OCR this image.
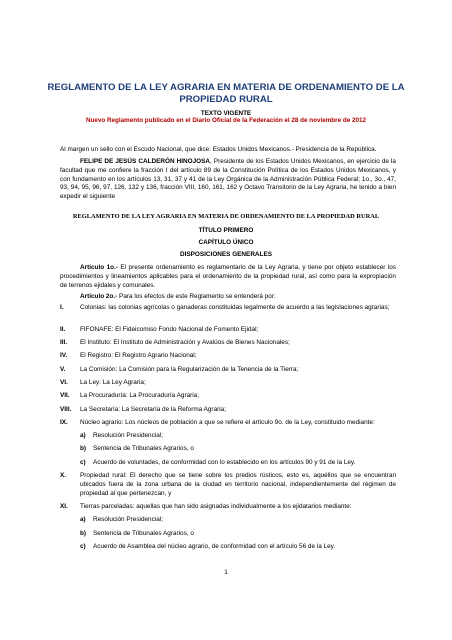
REGLAMENTO DE LA LEY AGRARIA EN MATERIA DE ORDENAMIENTO DE LA PROPIEDAD RURAL
TEXTO VIGENTE
Nuevo Reglamento publicado en el Diario Oficial de la Federación el 28 de noviembre de 2012
Al margen un sello con el Escudo Nacional, que dice: Estados Unidos Mexicanos.- Presidencia de la República.
FELIPE DE JESÚS CALDERÓN HINOJOSA, Presidente de los Estados Unidos Mexicanos, en ejercicio de la facultad que me confiere la fracción I del artículo 89 de la Constitución Política de los Estados Unidos Mexicanos, y con fundamento en los artículos 13, 31, 37 y 41 de la Ley Orgánica de la Administración Pública Federal; 1o., 3o., 47, 93, 94, 95, 96, 97, 126, 132 y 136, fracción VIII, 160, 161, 162 y Octavo Transitorio de la Ley Agraria, he tenido a bien expedir el siguiente
REGLAMENTO DE LA LEY AGRARIA EN MATERIA DE ORDENAMIENTO DE LA PROPIEDAD RURAL
TÍTULO PRIMERO
CAPÍTULO ÚNICO
DISPOSICIONES GENERALES
Artículo 1o.- El presente ordenamiento es reglamentario de la Ley Agraria, y tiene por objeto establecer los procedimientos y lineamientos aplicables para el ordenamiento de la propiedad rural, así como para la expropiación de terrenos ejidales y comunales.
Artículo 2o.- Para los efectos de este Reglamento se entenderá por:
I.	Colonias: las colonias agrícolas o ganaderas constituidas legalmente de acuerdo a las legislaciones agrarias;
II. FIFONAFE: El Fideicomiso Fondo Nacional de Fomento Ejidal;
III. El Instituto: El Instituto de Administración y Avalúos de Bienes Nacionales;
IV. El Registro: El Registro Agrario Nacional;
V. La Comisión: La Comisión para la Regularización de la Tenencia de la Tierra;
VI. La Ley: La Ley Agraria;
VII. La Procuraduría: La Procuraduría Agraria;
VIII. La Secretaría: La Secretaría de la Reforma Agraria;
IX. Núcleo agrario: Los núcleos de población a que se refiere el artículo 9o. de la Ley, constituido mediante:
a) Resolución Presidencial;
b) Sentencia de Tribunales Agrarios, o
c) Acuerdo de voluntades, de conformidad con lo establecido en los artículos 90 y 91 de la Ley.
X. Propiedad rural: El derecho que se tiene sobre los predios rústicos, esto es, aquéllos que se encuentran ubicados fuera de la zona urbana de la ciudad en territorio nacional, independientemente del régimen de propiedad al que pertenezcan, y
XI. Tierras parceladas: aquellas que han sido asignadas individualmente a los ejidatarios mediante:
a) Resolución Presidencial;
b) Sentencia de Tribunales Agrarios, o
c) Acuerdo de Asamblea del núcleo agrario, de conformidad con el artículo 56 de la Ley.
1
